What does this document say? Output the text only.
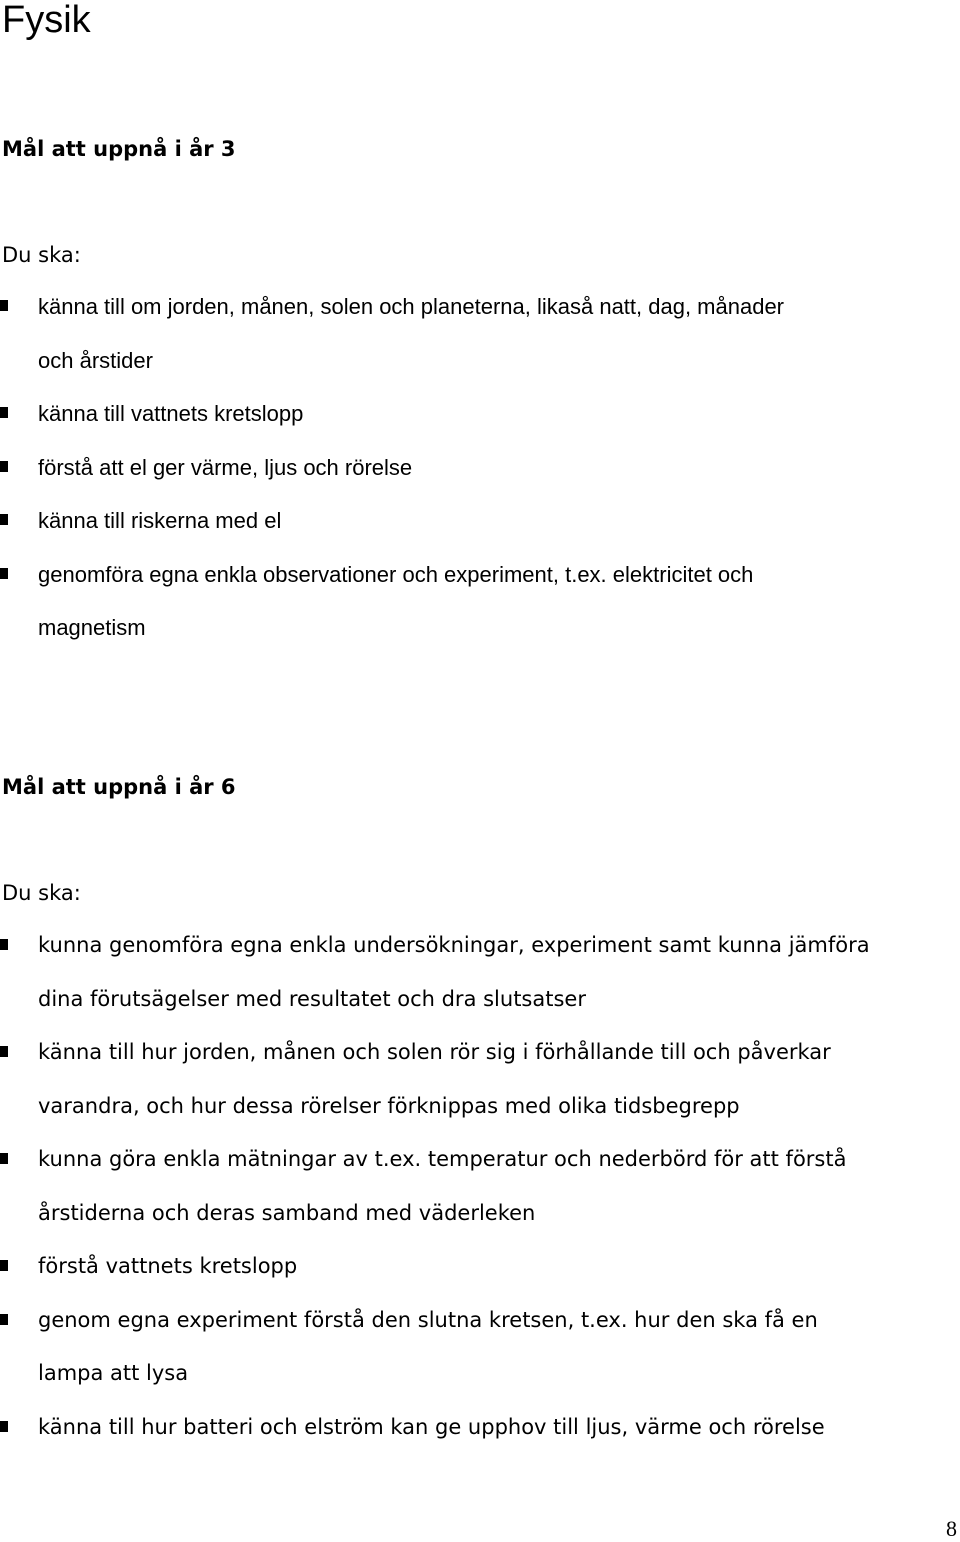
Fysik
Mål att uppnå i år 3

Du ska:

känna till om jorden, månen, solen och planeterna, likaså natt, dag, månader
och årstider
känna till vattnets kretslopp
förstå att el ger värme, ljus och rörelse
känna till riskerna med el
genomföra egna enkla observationer och experiment, t.ex. elektricitet och
magnetism
Mål att uppnå i år 6

Du ska:

kunna genomföra egna enkla undersökningar, experiment samt kunna jämföra
dina förutsägelser med resultatet och dra slutsatser
känna till hur jorden, månen och solen rör sig i förhållande till och påverkar
varandra, och hur dessa rörelser förknippas med olika tidsbegrepp
kunna göra enkla mätningar av t.ex. temperatur och nederbörd för att förstå
årstiderna och deras samband med väderleken
förstå vattnets kretslopp
genom egna experiment förstå den slutna kretsen, t.ex. hur den ska få en
lampa att lysa
känna till hur batteri och elström kan ge upphov till ljus, värme och rörelse

8
